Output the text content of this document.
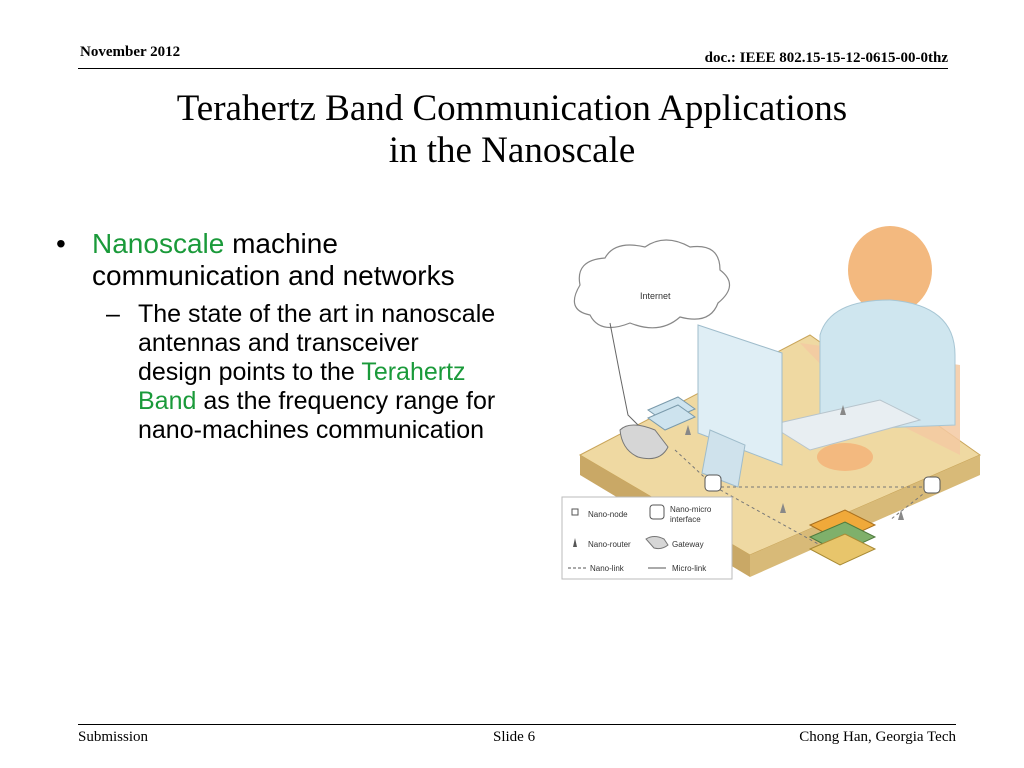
November 2012	doc.: IEEE 802.15-15-12-0615-00-0thz
Terahertz Band Communication Applications
in the Nanoscale
• Nanoscale machine communication and networks
– The state of the art in nanoscale antennas and transceiver design points to the Terahertz Band as the frequency range for nano-machines communication
Internet
Nano-node
Nano-micro
interface
Nano-router	Gateway
Nano-link	Micro-link
Submission	Slide 6	Chong Han, Georgia Tech
